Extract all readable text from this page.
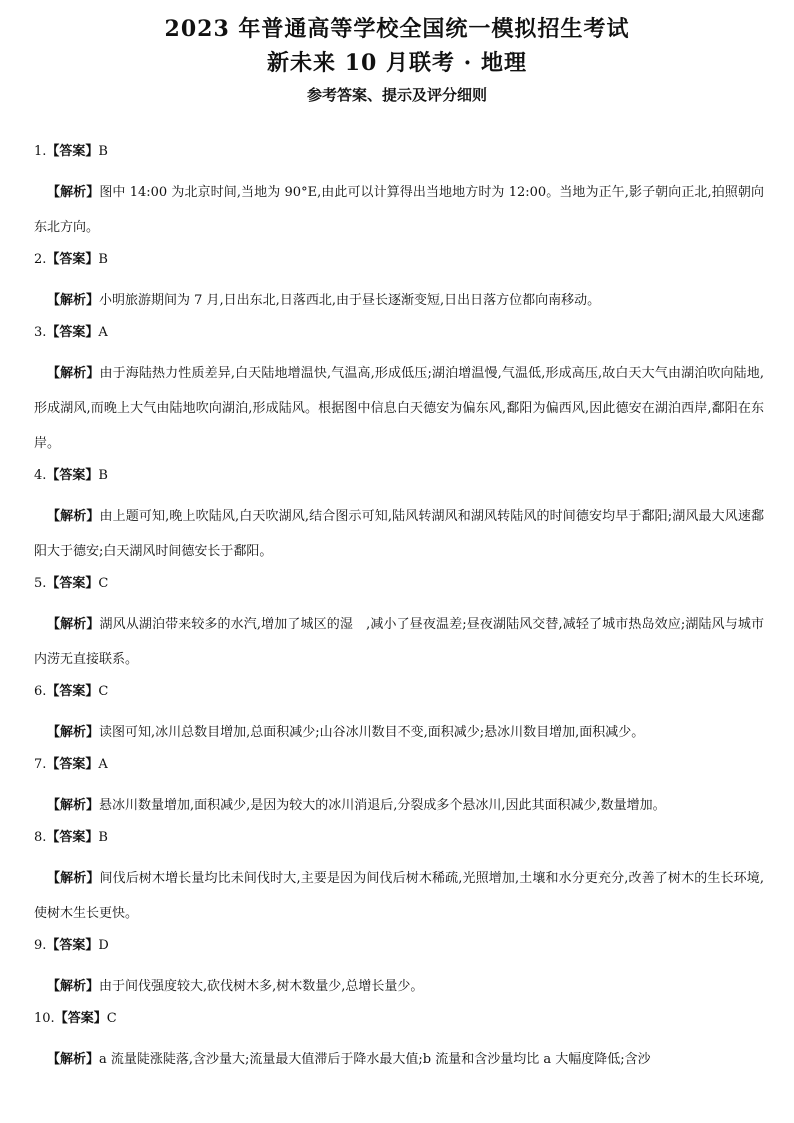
2023 年普通高等学校全国统一模拟招生考试
新未来 10 月联考 · 地理
参考答案、提示及评分细则
1.【答案】B

【解析】图中 14:00 为北京时间,当地为 90°E,由此可以计算得出当地地方时为 12:00。当地为正午,影子朝向正北,拍照朝向东北方向。

2.【答案】B

【解析】小明旅游期间为 7 月,日出东北,日落西北,由于昼长逐渐变短,日出日落方位都向南移动。

3.【答案】A

【解析】由于海陆热力性质差异,白天陆地增温快,气温高,形成低压;湖泊增温慢,气温低,形成高压,故白天大气由湖泊吹向陆地,形成湖风,而晚上大气由陆地吹向湖泊,形成陆风。根据图中信息白天德安为偏东风,鄱阳为偏西风,因此德安在湖泊西岸,鄱阳在东岸。

4.【答案】B

【解析】由上题可知,晚上吹陆风,白天吹湖风,结合图示可知,陆风转湖风和湖风转陆风的时间德安均早于鄱阳;湖风最大风速鄱阳大于德安;白天湖风时间德安长于鄱阳。

5.【答案】C

【解析】湖风从湖泊带来较多的水汽,增加了城区的湿　,减小了昼夜温差;昼夜湖陆风交替,减轻了城市热岛效应;湖陆风与城市内涝无直接联系。

6.【答案】C

【解析】读图可知,冰川总数目增加,总面积减少;山谷冰川数目不变,面积减少;悬冰川数目增加,面积减少。

7.【答案】A

【解析】悬冰川数量增加,面积减少,是因为较大的冰川消退后,分裂成多个悬冰川,因此其面积减少,数量增加。

8.【答案】B

【解析】间伐后树木增长量均比未间伐时大,主要是因为间伐后树木稀疏,光照增加,土壤和水分更充分,改善了树木的生长环境,使树木生长更快。

9.【答案】D

【解析】由于间伐强度较大,砍伐树木多,树木数量少,总增长量少。

10.【答案】C

【解析】a 流量陡涨陡落,含沙量大;流量最大值滞后于降水最大值;b 流量和含沙量均比 a 大幅度降低;含沙
